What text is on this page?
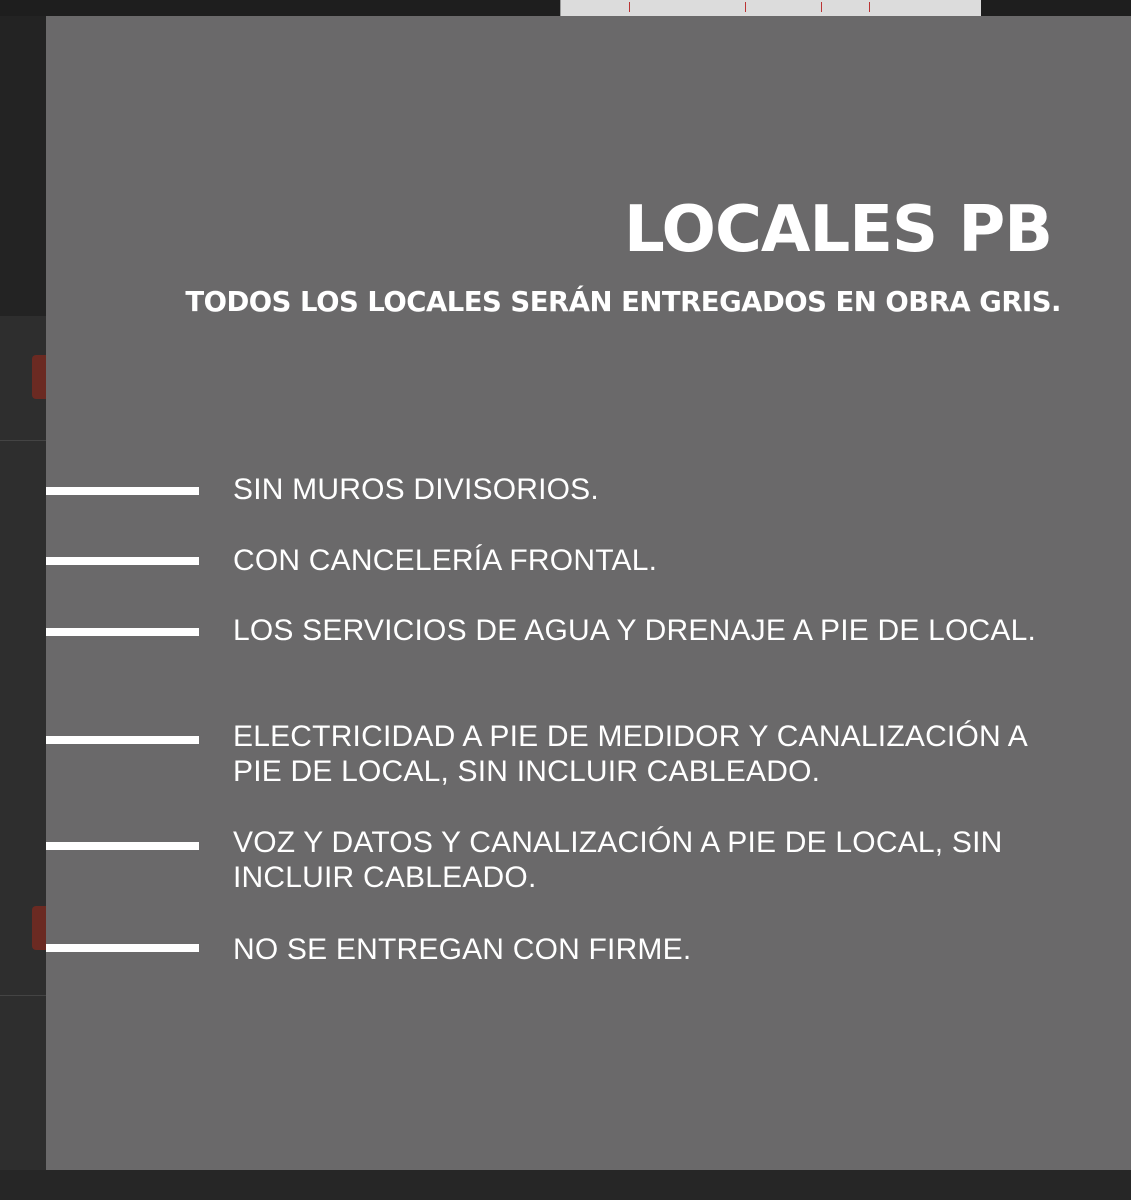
LOCALES PB

TODOS LOS LOCALES SERÁN ENTREGADOS EN OBRA GRIS.

SIN MUROS DIVISORIOS.
CON CANCELERÍA FRONTAL.
LOS SERVICIOS DE AGUA Y DRENAJE A PIE DE LOCAL.
ELECTRICIDAD A PIE DE MEDIDOR Y CANALIZACIÓN A PIE DE LOCAL, SIN INCLUIR CABLEADO.
VOZ Y DATOS Y CANALIZACIÓN A PIE DE LOCAL, SIN INCLUIR CABLEADO.
NO SE ENTREGAN CON FIRME.
